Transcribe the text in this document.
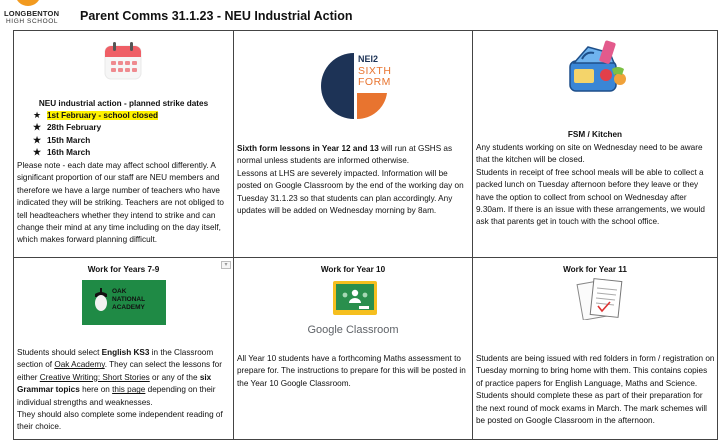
LONGBENTON
HIGH SCHOOL Parent Comms 31.1.23 - NEU Industrial Action
NEU industrial action - planned strike dates
★ 1st February - school closed
★ 28th February
★ 15th March
★ 16th March
Please note - each date may affect school differently. A significant proportion of our staff are NEU members and therefore we have a large number of teachers who have indicated they will be striking. Teachers are not obliged to tell headteachers whether they intend to strike and can change their mind at any time including on the day itself, which makes forward planning difficult.
NEI2
SIXTH
FORM
Sixth form lessons in Year 12 and 13 will run at GSHS as normal unless students are informed otherwise.
Lessons at LHS are severely impacted. Information will be posted on Google Classroom by the end of the working day on Tuesday 31.1.23 so that students can plan accordingly. Any updates will be added on Wednesday morning by 8am.
FSM / Kitchen
Any students working on site on Wednesday need to be aware that the kitchen will be closed.
Students in receipt of free school meals will be able to collect a packed lunch on Tuesday afternoon before they leave or they have the option to collect from school on Wednesday after 9.30am. If there is an issue with these arrangements, we would ask that parents get in touch with the school office.
▾
Work for Years 7-9
OAK
NATIONAL
ACADEMY
Students should select English KS3 in the Classroom section of Oak Academy. They can select the lessons for either Creative Writing: Short Stories or any of the six Grammar topics here on this page depending on their individual strengths and weaknesses.
They should also complete some independent reading of their choice.
Work for Year 10
Google Classroom
All Year 10 students have a forthcoming Maths assessment to prepare for. The instructions to prepare for this will be posted in the Year 10 Google Classroom.
Work for Year 11
Students are being issued with red folders in form / registration on Tuesday morning to bring home with them. This contains copies of practice papers for English Language, Maths and Science. Students should complete these as part of their preparation for the next round of mock exams in March. The mark schemes will be posted on Google Classroom in the afternoon.
